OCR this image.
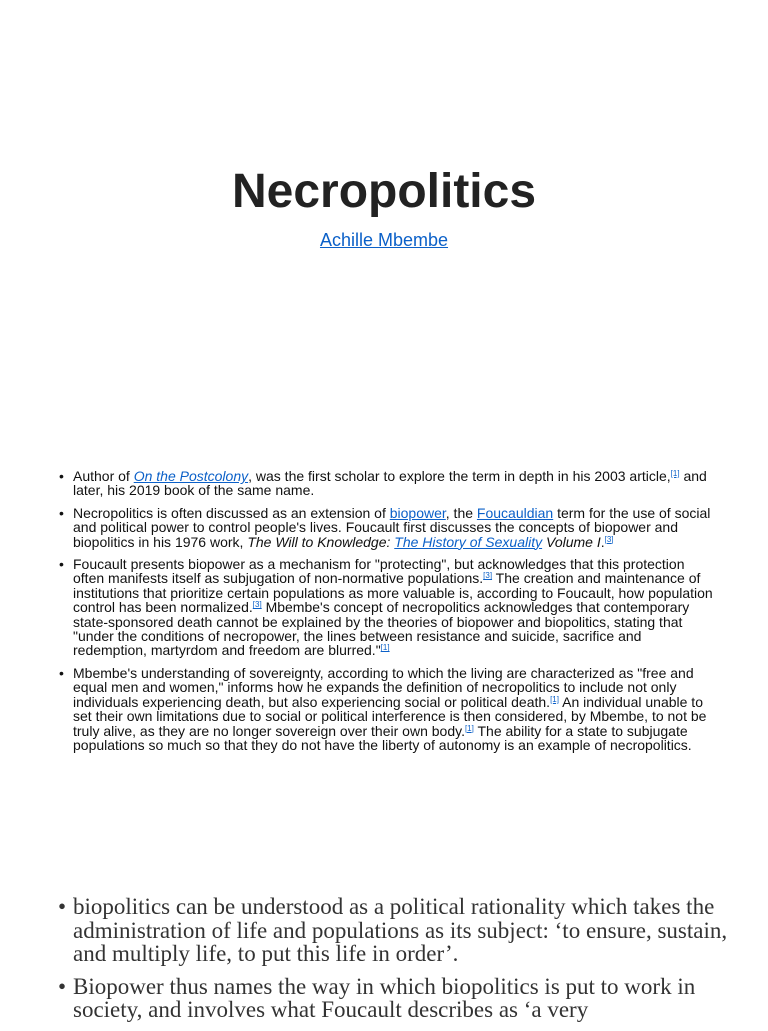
Necropolitics
Achille Mbembe
• Author of On the Postcolony, was the first scholar to explore the term in depth in his 2003 article,[1] and later, his 2019 book of the same name.
• Necropolitics is often discussed as an extension of biopower, the Foucauldian term for the use of social and political power to control people's lives. Foucault first discusses the concepts of biopower and biopolitics in his 1976 work, The Will to Knowledge: The History of Sexuality Volume I.[3]
• Foucault presents biopower as a mechanism for "protecting", but acknowledges that this protection often manifests itself as subjugation of non-normative populations.[3] The creation and maintenance of institutions that prioritize certain populations as more valuable is, according to Foucault, how population control has been normalized.[3] Mbembe's concept of necropolitics acknowledges that contemporary state-sponsored death cannot be explained by the theories of biopower and biopolitics, stating that "under the conditions of necropower, the lines between resistance and suicide, sacrifice and redemption, martyrdom and freedom are blurred."[1]
• Mbembe's understanding of sovereignty, according to which the living are characterized as "free and equal men and women," informs how he expands the definition of necropolitics to include not only individuals experiencing death, but also experiencing social or political death.[1] An individual unable to set their own limitations due to social or political interference is then considered, by Mbembe, to not be truly alive, as they are no longer sovereign over their own body.[1] The ability for a state to subjugate populations so much so that they do not have the liberty of autonomy is an example of necropolitics.
• biopolitics can be understood as a political rationality which takes the administration of life and populations as its subject: ‘to ensure, sustain, and multiply life, to put this life in order’.
• Biopower thus names the way in which biopolitics is put to work in society, and involves what Foucault describes as ‘a very
